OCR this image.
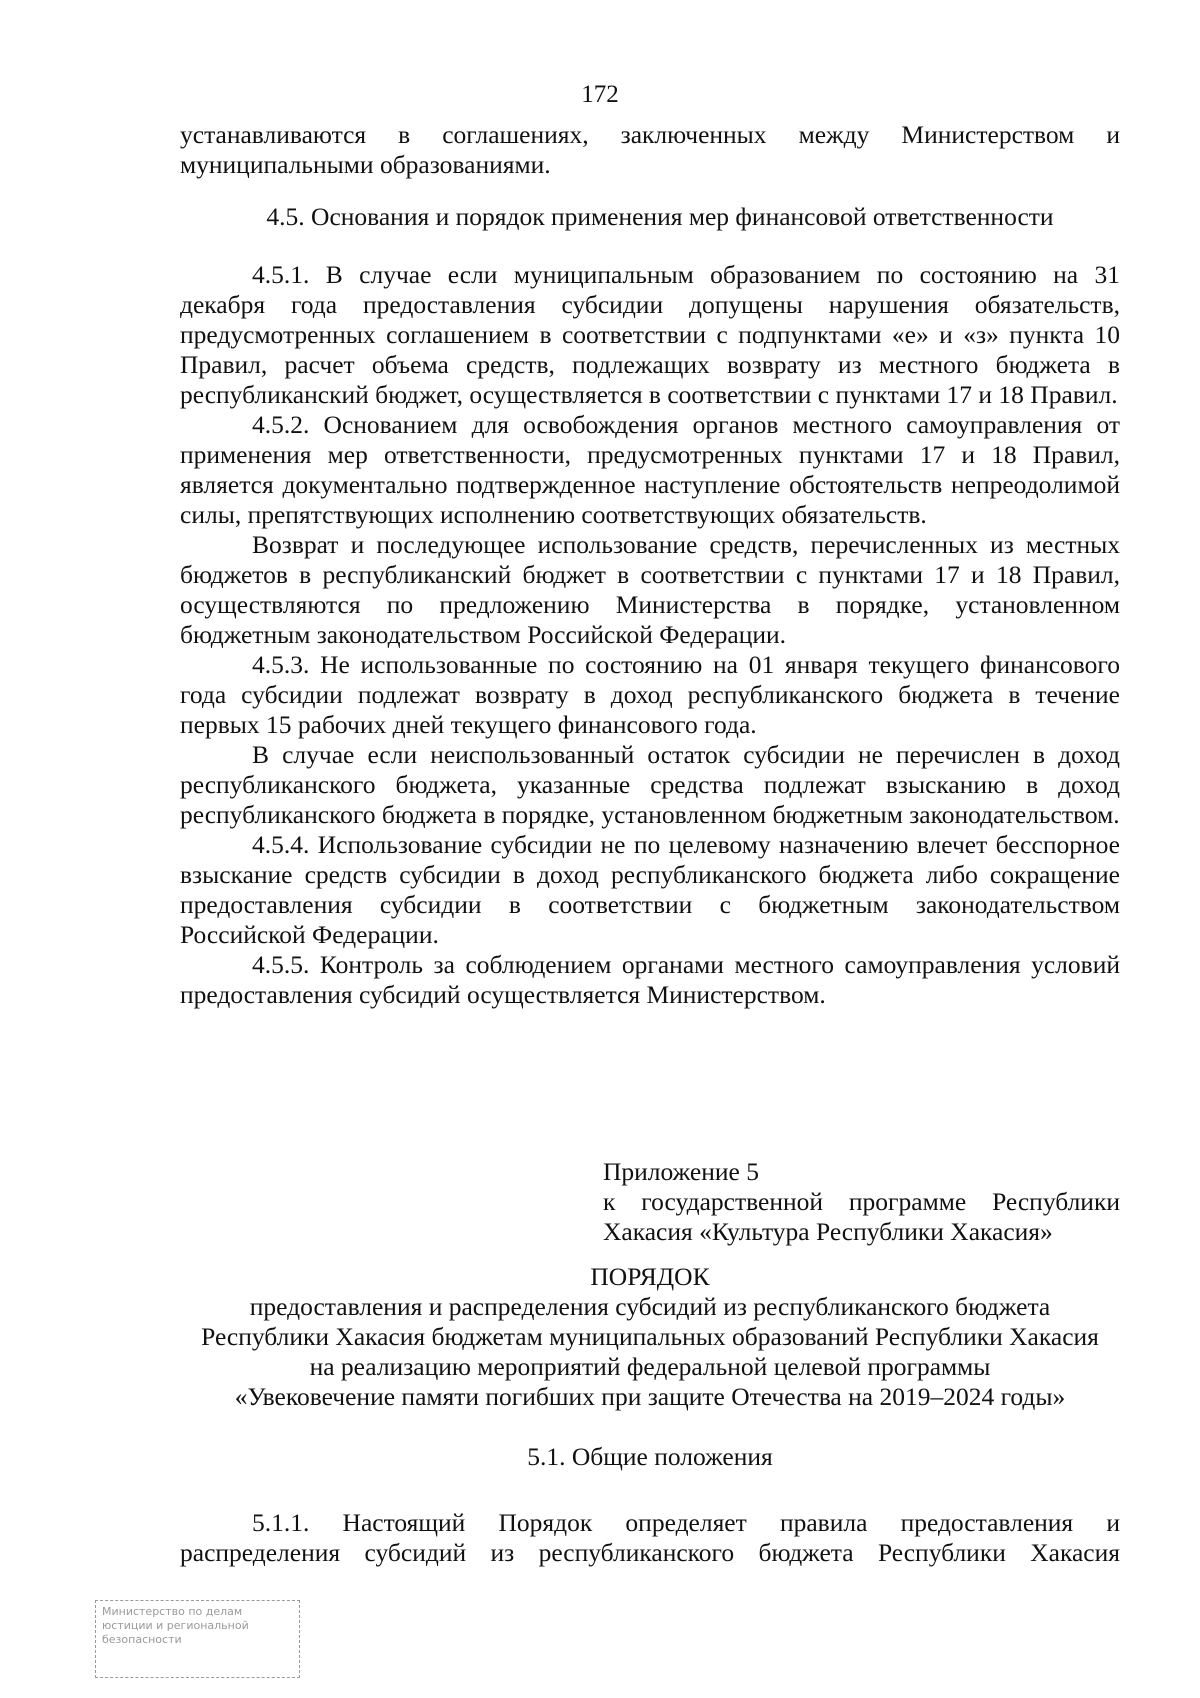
172
устанавливаются в соглашениях, заключенных между Министерством и
муниципальными образованиями.
4.5. Основания и порядок применения мер финансовой ответственности

4.5.1. В случае если муниципальным образованием по состоянию на 31 декабря года предоставления субсидии допущены нарушения обязательств, предусмотренных соглашением в соответствии с подпунктами «е» и «з» пункта 10 Правил, расчет объема средств, подлежащих возврату из местного бюджета в республиканский бюджет, осуществляется в соответствии с пунктами 17 и 18 Правил.

4.5.2. Основанием для освобождения органов местного самоуправления от применения мер ответственности, предусмотренных пунктами 17 и 18 Правил, является документально подтвержденное наступление обстоятельств непреодолимой силы, препятствующих исполнению соответствующих обязательств.

Возврат и последующее использование средств, перечисленных из местных бюджетов в республиканский бюджет в соответствии с пунктами 17 и 18 Правил, осуществляются по предложению Министерства в порядке, установленном бюджетным законодательством Российской Федерации.

4.5.3. Не использованные по состоянию на 01 января текущего финансового года субсидии подлежат возврату в доход республиканского бюджета в течение первых 15 рабочих дней текущего финансового года.

В случае если неиспользованный остаток субсидии не перечислен в доход республиканского бюджета, указанные средства подлежат взысканию в доход республиканского бюджета в порядке, установленном бюджетным законодательством.

4.5.4. Использование субсидии не по целевому назначению влечет бесспорное взыскание средств субсидии в доход республиканского бюджета либо сокращение предоставления субсидии в соответствии с бюджетным законодательством Российской Федерации.

4.5.5. Контроль за соблюдением органами местного самоуправления условий предоставления субсидий осуществляется Министерством.

Приложение 5
к государственной программе Республики
Хакасия «Культура Республики Хакасия»
ПОРЯДОК
предоставления и распределения субсидий из республиканского бюджета
Республики Хакасия бюджетам муниципальных образований Республики Хакасия
на реализацию мероприятий федеральной целевой программы
«Увековечение памяти погибших при защите Отечества на 2019–2024 годы»
5.1. Общие положения
5.1.1. Настоящий Порядок определяет правила предоставления и
распределения субсидий из республиканского бюджета Республики Хакасия
Министерство по делам
юстиции и региональной
безопасности
